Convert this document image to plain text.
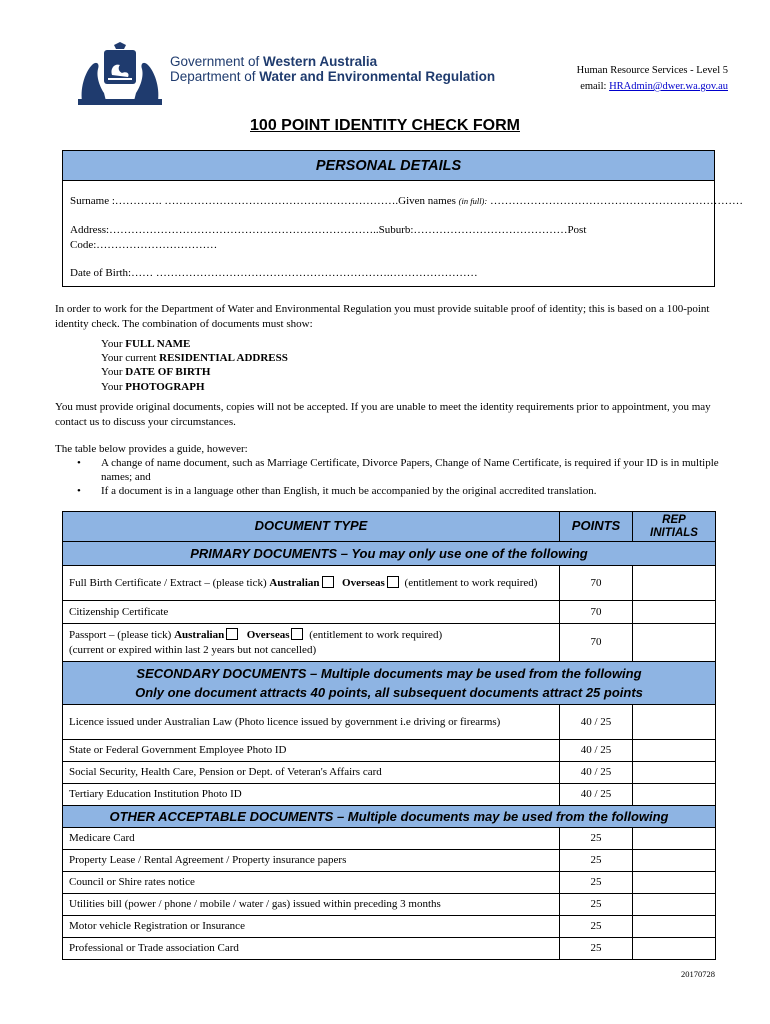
Government of Western Australia
Department of Water and Environmental Regulation	Human Resource Services - Level 5
email: HRAdmin@dwer.wa.gov.au
100 POINT IDENTITY CHECK FORM
PERSONAL DETAILS
Surname :…………. ……………………………………………………….Given names (in full): ……………………………………………………………
Address:………………………………………………………………..Suburb:……………………………………Post
Code:……………………………
Date of Birth:…… ……………………………………………………….……………………
In order to work for the Department of Water and Environmental Regulation you must provide suitable proof of identity; this is based on a 100-point identity check. The combination of documents must show:
Your FULL NAME
Your current RESIDENTIAL ADDRESS
Your DATE OF BIRTH
Your PHOTOGRAPH
You must provide original documents, copies will not be accepted. If you are unable to meet the identity requirements prior to appointment, you may contact us to discuss your circumstances.
The table below provides a guide, however:
•	A change of name document, such as Marriage Certificate, Divorce Papers, Change of Name Certificate, is required if your ID is in multiple names; and
•	If a document is in a language other than English, it much be accompanied by the original accredited translation.
DOCUMENT TYPE	POINTS	REP INITIALS
PRIMARY DOCUMENTS – You may only use one of the following		
Full Birth Certificate / Extract – (please tick) Australian Overseas (entitlement to work required)	70	
Citizenship Certificate	70	

Passport – (please tick) Australian Overseas (entitlement to work required)
(current or expired within last 2 years but not cancelled)	70	

SECONDARY DOCUMENTS – Multiple documents may be used from the following
Only one document attracts 40 points, all subsequent documents attract 25 points		

Licence issued under Australian Law (Photo licence issued by government i.e driving or firearms)	40 / 25	
State or Federal Government Employee Photo ID	40 / 25	
Social Security, Health Care, Pension or Dept. of Veteran's Affairs card	40 / 25	
Tertiary Education Institution Photo ID	40 / 25	
OTHER ACCEPTABLE DOCUMENTS – Multiple documents may be used from the following		
Medicare Card	25	
Property Lease / Rental Agreement / Property insurance papers	25	
Council or Shire rates notice	25	
Utilities bill (power / phone / mobile / water / gas) issued within preceding 3 months	25	
Motor vehicle Registration or Insurance	25	
Professional or Trade association Card	25	
20170728
